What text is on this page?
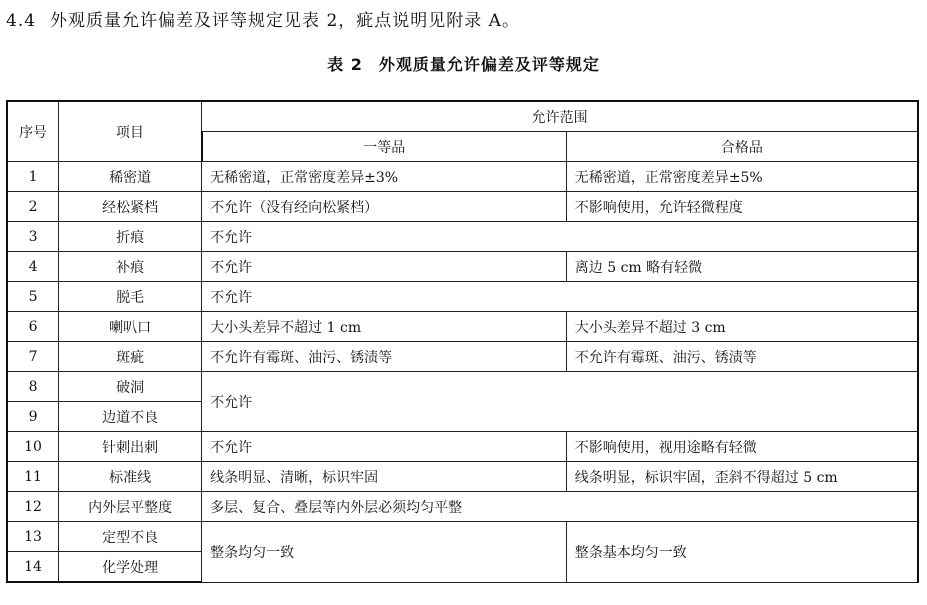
4.4 外观质量允许偏差及评等规定见表 2，疵点说明见附录 A。
表 2 外观质量允许偏差及评等规定
序号	项目	允许范围	
		一等品	合格品
1	稀密道	无稀密道，正常密度差异±3%	无稀密道，正常密度差异±5%
2	经松紧档	不允许（没有经向松紧档）	不影响使用，允许轻微程度
3	折痕	不允许	
4	补痕	不允许	离边 5 cm 略有轻微
5	脱毛	不允许	
6	喇叭口	大小头差异不超过 1 cm	大小头差异不超过 3 cm
7	斑疵	不允许有霉斑、油污、锈渍等	不允许有霉斑、油污、锈渍等
8	破洞	不允许	
9	边道不良		
10	针刺出刺	不允许	不影响使用，视用途略有轻微
11	标准线	线条明显、清晰，标识牢固	线条明显，标识牢固，歪斜不得超过 5 cm
12	内外层平整度	多层、复合、叠层等内外层必须均匀平整	
13	定型不良	整条均匀一致	整条基本均匀一致
14	化学处理		
